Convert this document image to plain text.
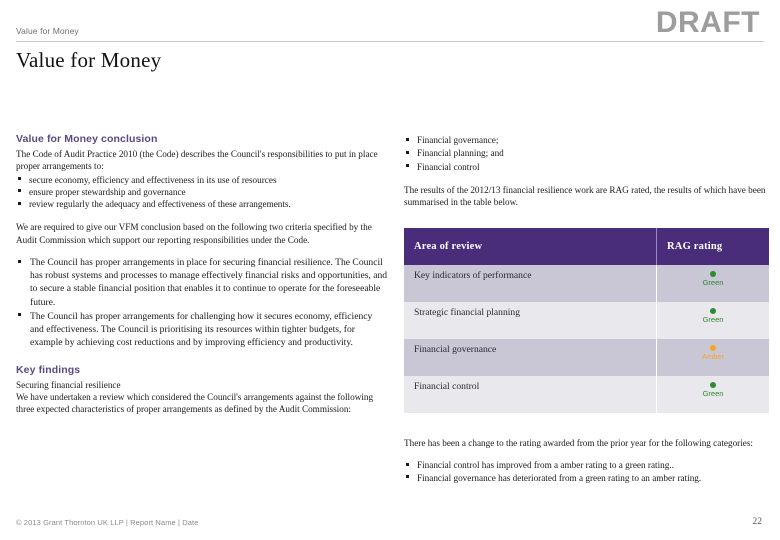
Value for Money	DRAFT
Value for Money
Value for Money conclusion

The Code of Audit Practice 2010 (the Code) describes the Council's responsibilities to put in place proper arrangements to:

secure economy, efficiency and effectiveness in its use of resources
ensure proper stewardship and governance
review regularly the adequacy and effectiveness of these arrangements.

We are required to give our VFM conclusion based on the following two criteria specified by the Audit Commission which support our reporting responsibilities under the Code.

The Council has proper arrangements in place for securing financial resilience. The Council has robust systems and processes to manage effectively financial risks and opportunities, and to secure a stable financial position that enables it to continue to operate for the foreseeable future.
The Council has proper arrangements for challenging how it secures economy, efficiency and effectiveness. The Council is prioritising its resources within tighter budgets, for example by achieving cost reductions and by improving efficiency and productivity.
Key findings

Securing financial resilience

We have undertaken a review which considered the Council's arrangements against the following three expected characteristics of proper arrangements as defined by the Audit Commission:

Financial governance;
Financial planning; and
Financial control

The results of the 2012/13 financial resilience work are RAG rated, the results of which have been summarised in the table below.

Area of review	RAG rating
Key indicators of performance	Green

Strategic financial planning	Green

Financial governance	Amber

Financial control	Green

There has been a change to the rating awarded from the prior year for the following categories:

Financial control has improved from a amber rating to a green rating..
Financial governance has deteriorated from a green rating to an amber rating.
© 2013 Grant Thornton UK LLP | Report Name | Date	22
